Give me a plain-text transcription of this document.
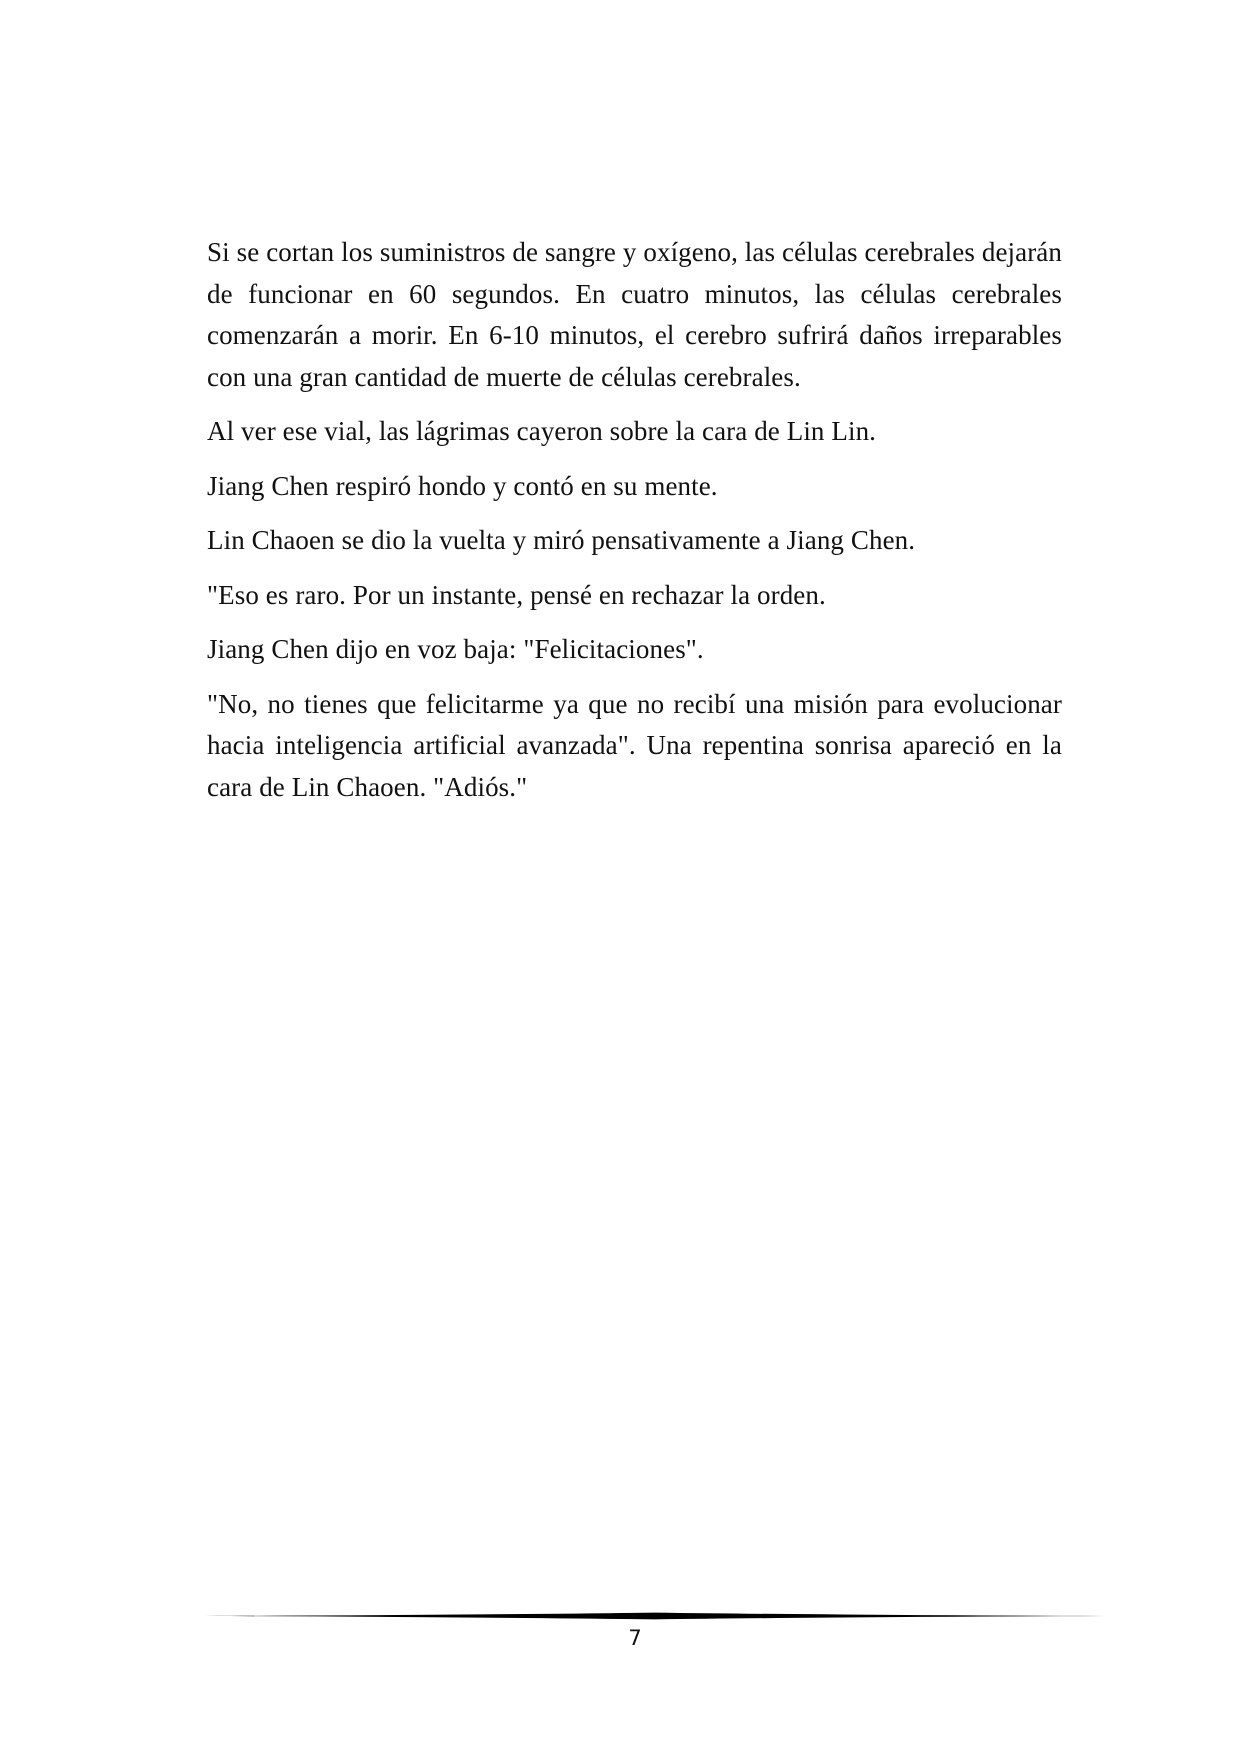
Si se cortan los suministros de sangre y oxígeno, las células cerebrales dejarán de funcionar en 60 segundos. En cuatro minutos, las células cerebrales comenzarán a morir. En 6-10 minutos, el cerebro sufrirá daños irreparables con una gran cantidad de muerte de células cerebrales.

Al ver ese vial, las lágrimas cayeron sobre la cara de Lin Lin.

Jiang Chen respiró hondo y contó en su mente.

Lin Chaoen se dio la vuelta y miró pensativamente a Jiang Chen.

"Eso es raro. Por un instante, pensé en rechazar la orden.

Jiang Chen dijo en voz baja: "Felicitaciones".

"No, no tienes que felicitarme ya que no recibí una misión para evolucionar hacia inteligencia artificial avanzada". Una repentina sonrisa apareció en la cara de Lin Chaoen. "Adiós."

7
